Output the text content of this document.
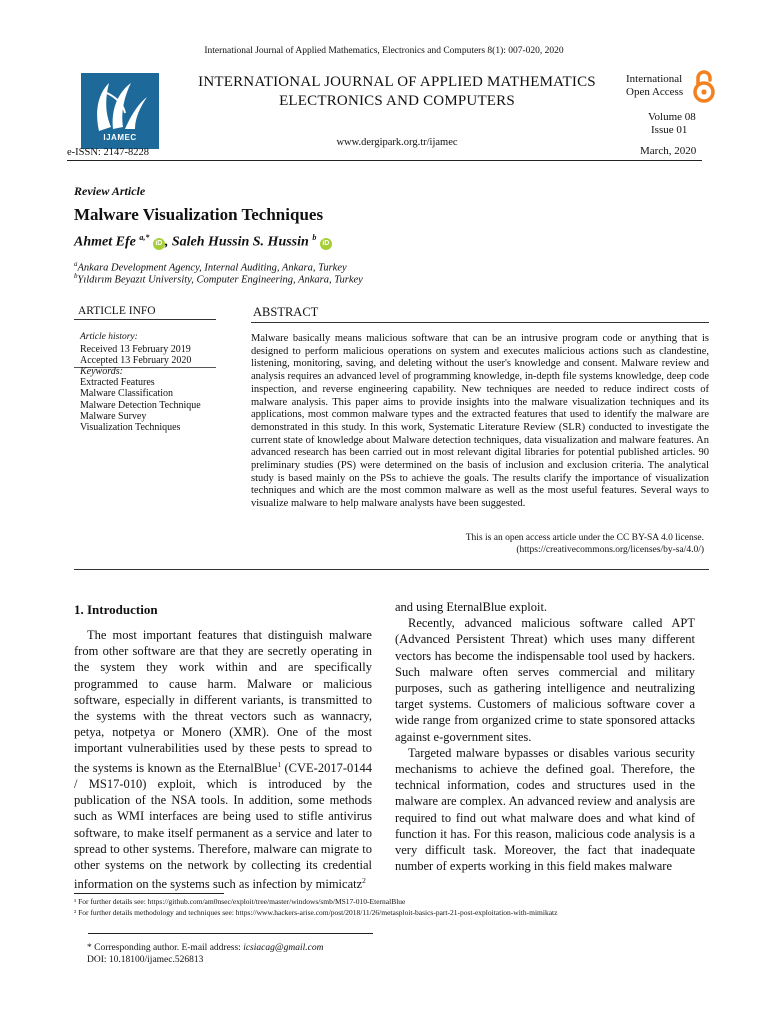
International Journal of Applied Mathematics, Electronics and Computers 8(1): 007-020, 2020
IJAMEC
e-ISSN: 2147-8228
INTERNATIONAL JOURNAL OF APPLIED MATHEMATICS
ELECTRONICS AND COMPUTERS
www.dergipark.org.tr/ijamec
International
Open Access
Volume 08
Issue 01
March, 2020
Review Article
Malware Visualization Techniques
Ahmet Efe $^{a,*}$ iD , Saleh Hussin S. Hussin $^b$ iD
$^a$Ankara Development Agency, Internal Auditing, Ankara, Turkey
$^b$Yıldırım Beyazıt University, Computer Engineering, Ankara, Turkey
ARTICLE INFO	ABSTRACT
Article history:
Received 13 February 2019
Accepted 13 February 2020
Keywords:
Extracted Features
Malware Classification
Malware Detection Technique
Malware Survey
Visualization Techniques
Malware basically means malicious software that can be an intrusive program code or anything that is designed to perform malicious operations on system and executes malicious actions such as clandestine, listening, monitoring, saving, and deleting without the user's knowledge and consent. Malware review and analysis requires an advanced level of programming knowledge, in-depth file systems knowledge, deep code inspection, and reverse engineering capability. New techniques are needed to reduce indirect costs of malware analysis. This paper aims to provide insights into the malware visualization techniques and its applications, most common malware types and the extracted features that used to identify the malware are demonstrated in this study. In this work, Systematic Literature Review (SLR) conducted to investigate the current state of knowledge about Malware detection techniques, data visualization and malware features. An advanced research has been carried out in most relevant digital libraries for potential published articles. 90 preliminary studies (PS) were determined on the basis of inclusion and exclusion criteria. The analytical study is based mainly on the PSs to achieve the goals. The results clarify the importance of visualization techniques and which are the most common malware as well as the most useful features. Several ways to visualize malware to help malware analysts have been suggested.
This is an open access article under the CC BY-SA 4.0 license.
(https://creativecommons.org/licenses/by-sa/4.0/)
1. Introduction

The most important features that distinguish malware from other software are that they are secretly operating in the system they work within and are specifically programmed to cause harm. Malware or malicious software, especially in different variants, is transmitted to the systems with the threat vectors such as wannacry, petya, notpetya or Monero (XMR). One of the most important vulnerabilities used by these pests to spread to the systems is known as the EternalBlue$^1$ (CVE-2017-0144 / MS17-010) exploit, which is introduced by the publication of the NSA tools. In addition, some methods such as WMI interfaces are being used to stifle antivirus software, to make itself permanent as a service and later to spread to other systems. Therefore, malware can migrate to other systems on the network by collecting its credential information on the systems such as infection by mimicatz$^2$

and using EternalBlue exploit.

Recently, advanced malicious software called APT (Advanced Persistent Threat) which uses many different vectors has become the indispensable tool used by hackers. Such malware often serves commercial and military purposes, such as gathering intelligence and neutralizing target systems. Customers of malicious software cover a wide range from organized crime to state sponsored attacks against e-government sites.

Targeted malware bypasses or disables various security mechanisms to achieve the defined goal. Therefore, the technical information, codes and structures used in the malware are complex. An advanced review and analysis are required to find out what malware does and what kind of function it has. For this reason, malicious code analysis is a very difficult task. Moreover, the fact that inadequate number of experts working in this field makes malware

¹ For further details see: https://github.com/am0nsec/exploit/tree/master/windows/smb/MS17-010-EternalBlue
² For further details methodology and techniques see: https://www.hackers-arise.com/post/2018/11/26/metasploit-basics-part-21-post-exploitation-with-mimikatz
* Corresponding author. E-mail address: icsiacag@gmail.com
DOI: 10.18100/ijamec.526813
